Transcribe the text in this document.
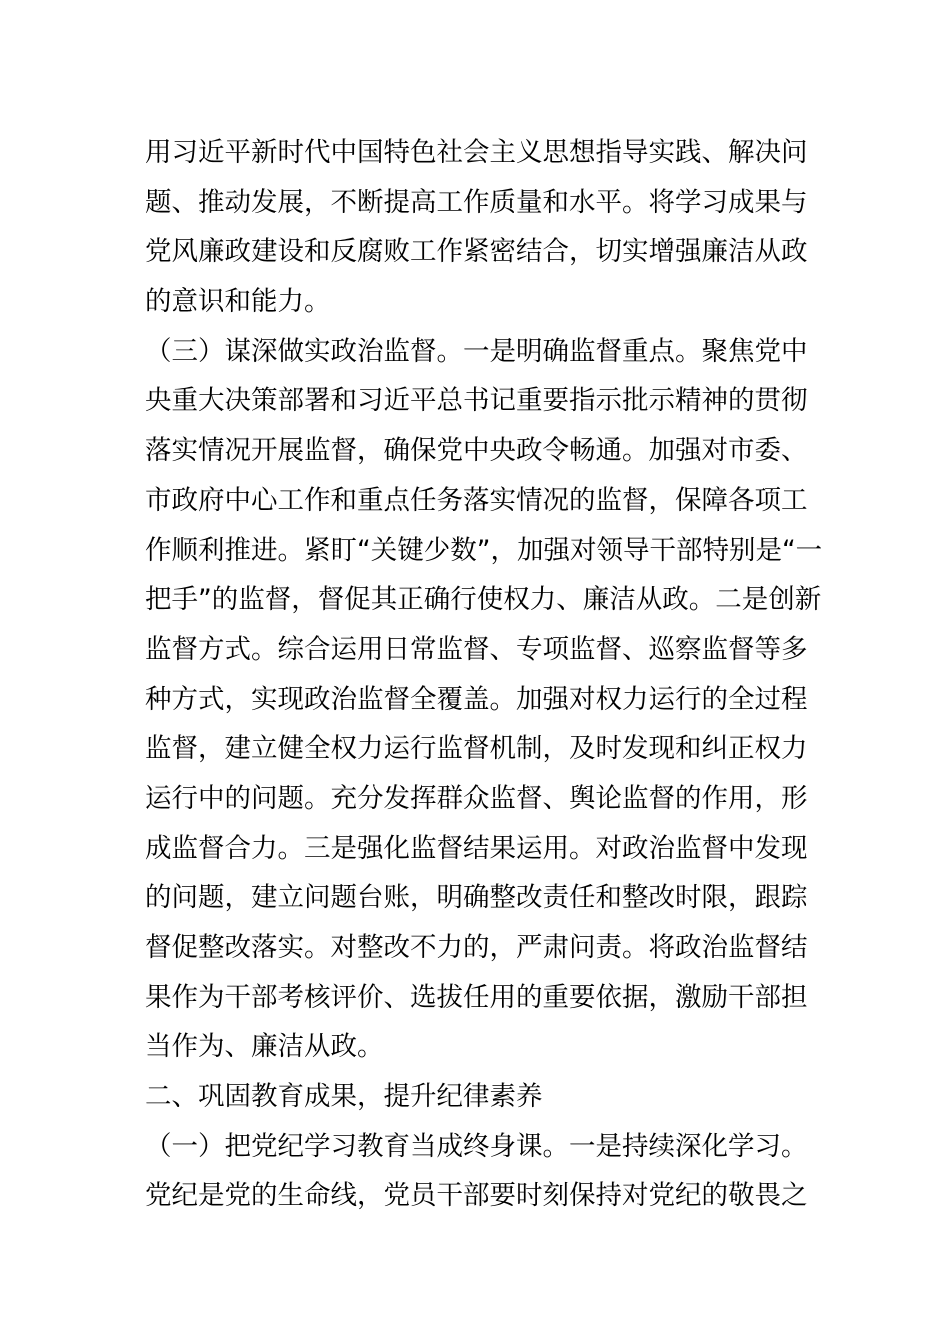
用习近平新时代中国特色社会主义思想指导实践、解决问
题、推动发展，不断提高工作质量和水平。将学习成果与
党风廉政建设和反腐败工作紧密结合，切实增强廉洁从政
的意识和能力。
（三）谋深做实政治监督。一是明确监督重点。聚焦党中
央重大决策部署和习近平总书记重要指示批示精神的贯彻
落实情况开展监督，确保党中央政令畅通。加强对市委、
市政府中心工作和重点任务落实情况的监督，保障各项工
作顺利推进。紧盯“关键少数”，加强对领导干部特别是“一
把手”的监督，督促其正确行使权力、廉洁从政。二是创新
监督方式。综合运用日常监督、专项监督、巡察监督等多
种方式，实现政治监督全覆盖。加强对权力运行的全过程
监督，建立健全权力运行监督机制，及时发现和纠正权力
运行中的问题。充分发挥群众监督、舆论监督的作用，形
成监督合力。三是强化监督结果运用。对政治监督中发现
的问题，建立问题台账，明确整改责任和整改时限，跟踪
督促整改落实。对整改不力的，严肃问责。将政治监督结
果作为干部考核评价、选拔任用的重要依据，激励干部担
当作为、廉洁从政。
二、巩固教育成果，提升纪律素养
（一）把党纪学习教育当成终身课。一是持续深化学习。
党纪是党的生命线，党员干部要时刻保持对党纪的敬畏之
